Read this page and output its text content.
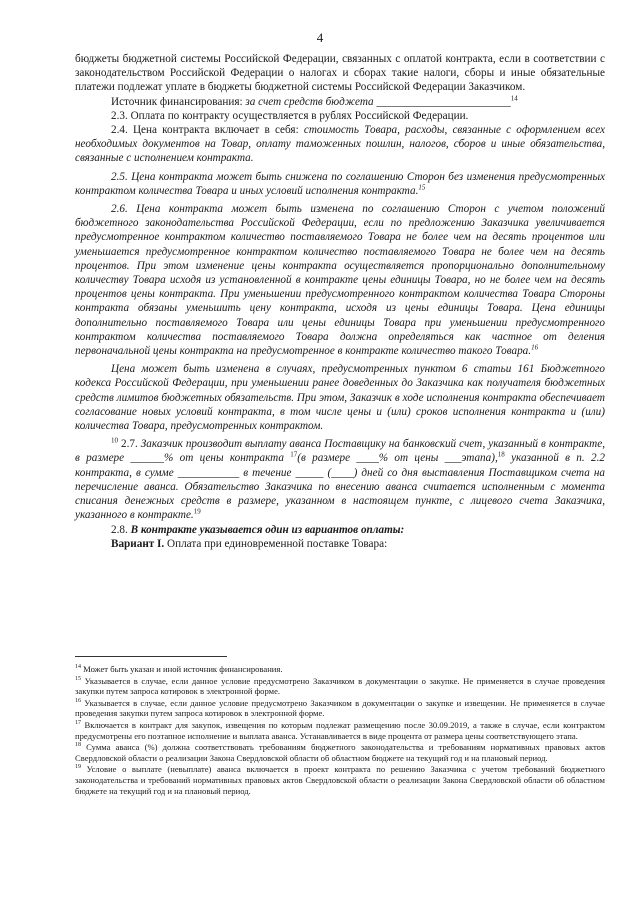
4

бюджеты бюджетной системы Российской Федерации, связанных с оплатой контракта, если в соответствии с законодательством Российской Федерации о налогах и сборах такие налоги, сборы и иные обязательные платежи подлежат уплате в бюджеты бюджетной системы Российской Федерации Заказчиком.

Источник финансирования: за счет средств бюджета ________________________$^{14}$

2.3. Оплата по контракту осуществляется в рублях Российской Федерации.

2.4. Цена контракта включает в себя: стоимость Товара, расходы, связанные с оформлением всех необходимых документов на Товар, оплату таможенных пошлин, налогов, сборов и иные обязательства, связанные с исполнением контракта.

2.5. Цена контракта может быть снижена по соглашению Сторон без изменения предусмотренных контрактом количества Товара и иных условий исполнения контракта.$^{15}$

2.6. Цена контракта может быть изменена по соглашению Сторон с учетом положений бюджетного законодательства Российской Федерации, если по предложению Заказчика увеличивается предусмотренное контрактом количество поставляемого Товара не более чем на десять процентов или уменьшается предусмотренное контрактом количество поставляемого Товара не более чем на десять процентов. При этом изменение цены контракта осуществляется пропорционально дополнительному количеству Товара исходя из установленной в контракте цены единицы Товара, но не более чем на десять процентов цены контракта. При уменьшении предусмотренного контрактом количества Товара Стороны контракта обязаны уменьшить цену контракта, исходя из цены единицы Товара. Цена единицы дополнительно поставляемого Товара или цены единицы Товара при уменьшении предусмотренного контрактом количества поставляемого Товара должна определяться как частное от деления первоначальной цены контракта на предусмотренное в контракте количество такого Товара.$^{16}$

Цена может быть изменена в случаях, предусмотренных пунктом 6 статьи 161 Бюджетного кодекса Российской Федерации, при уменьшении ранее доведенных до Заказчика как получателя бюджетных средств лимитов бюджетных обязательств. При этом, Заказчик в ходе исполнения контракта обеспечивает согласование новых условий контракта, в том числе цены и (или) сроков исполнения контракта и (или) количества Товара, предусмотренных контрактом.

$^{10}$ 2.7. Заказчик производит выплату аванса Поставщику на банковский счет, указанный в контракте, в размере ______% от цены контракта $^{17}$(в размере ____% от цены ___этапа),$^{18}$ указанной в п. 2.2 контракта, в сумме ___________ в течение _____ (____) дней со дня выставления Поставщиком счета на перечисление аванса. Обязательство Заказчика по внесению аванса считается исполненным с момента списания денежных средств в размере, указанном в настоящем пункте, с лицевого счета Заказчика, указанного в контракте.$^{19}$

2.8. В контракте указывается один из вариантов оплаты:

Вариант I. Оплата при единовременной поставке Товара:

$^{14}$ Может быть указан и иной источник финансирования.

$^{15}$ Указывается в случае, если данное условие предусмотрено Заказчиком в документации о закупке. Не применяется в случае проведения закупки путем запроса котировок в электронной форме.

$^{16}$ Указывается в случае, если данное условие предусмотрено Заказчиком в документации о закупке и извещении. Не применяется в случае проведения закупки путем запроса котировок в электронной форме.

$^{17}$ Включается в контракт для закупок, извещения по которым подлежат размещению после 30.09.2019, а также в случае, если контрактом предусмотрены его поэтапное исполнение и выплата аванса. Устанавливается в виде процента от размера цены соответствующего этапа.

$^{18}$ Сумма аванса (%) должна соответствовать требованиям бюджетного законодательства и требованиям нормативных правовых актов Свердловской области о реализации Закона Свердловской области об областном бюджете на текущий год и на плановый период.

$^{19}$ Условие о выплате (невыплате) аванса включается в проект контракта по решению Заказчика с учетом требований бюджетного законодательства и требований нормативных правовых актов Свердловской области о реализации Закона Свердловской области об областном бюджете на текущий год и на плановый период.
